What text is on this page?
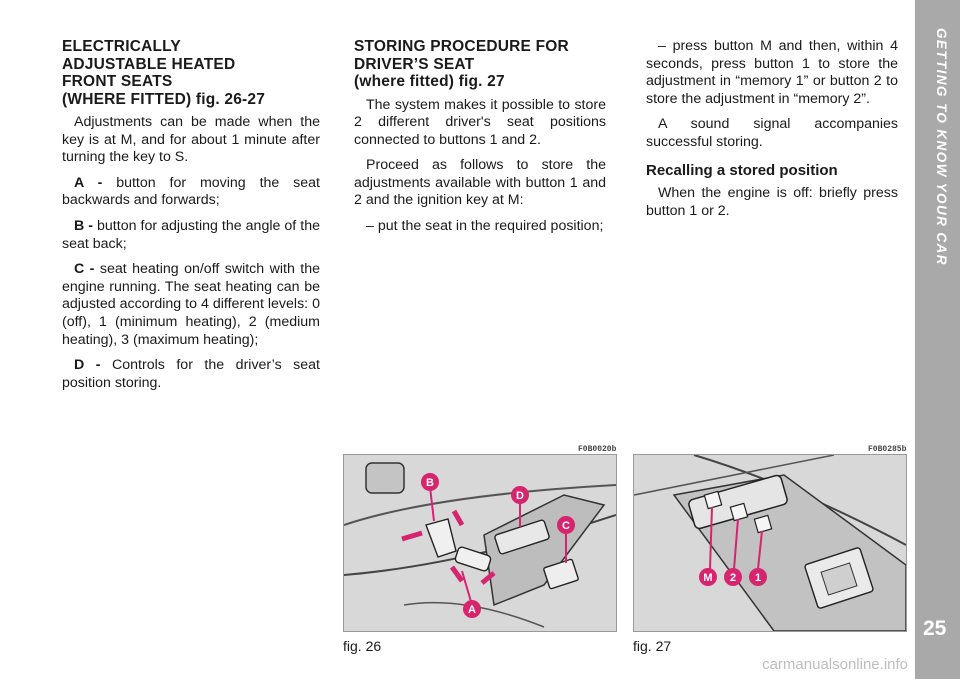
ELECTRICALLY
ADJUSTABLE HEATED
FRONT SEATS
(WHERE FITTED) fig. 26-27

Adjustments can be made when the key is at M, and for about 1 minute after turning the key to S.

A - button for moving the seat backwards and forwards;

B - button for adjusting the angle of the seat back;

C - seat heating on/off switch with the engine running. The seat heating can be adjusted according to 4 different levels: 0 (off), 1 (minimum heating), 2 (medium heating), 3 (maximum heating);

D - Controls for the driver’s seat position storing.

STORING PROCEDURE FOR
DRIVER’S SEAT
(where fitted) fig. 27

The system makes it possible to store 2 different driver's seat positions connected to buttons 1 and 2.

Proceed as follows to store the adjustments available with button 1 and 2 and the ignition key at M:

– put the seat in the required position;

– press button M and then, within 4 seconds, press button 1 to store the adjustment in “memory 1” or button 2 to store the adjustment in “memory 2”.

A sound signal accompanies successful storing.

Recalling a stored position

When the engine is off: briefly press button 1 or 2.

F0B0020b
B
D
C
A
fig. 26
F0B0285b
M 2 1
fig. 27
GETTING TO KNOW YOUR CAR
25
carmanualsonline.info
